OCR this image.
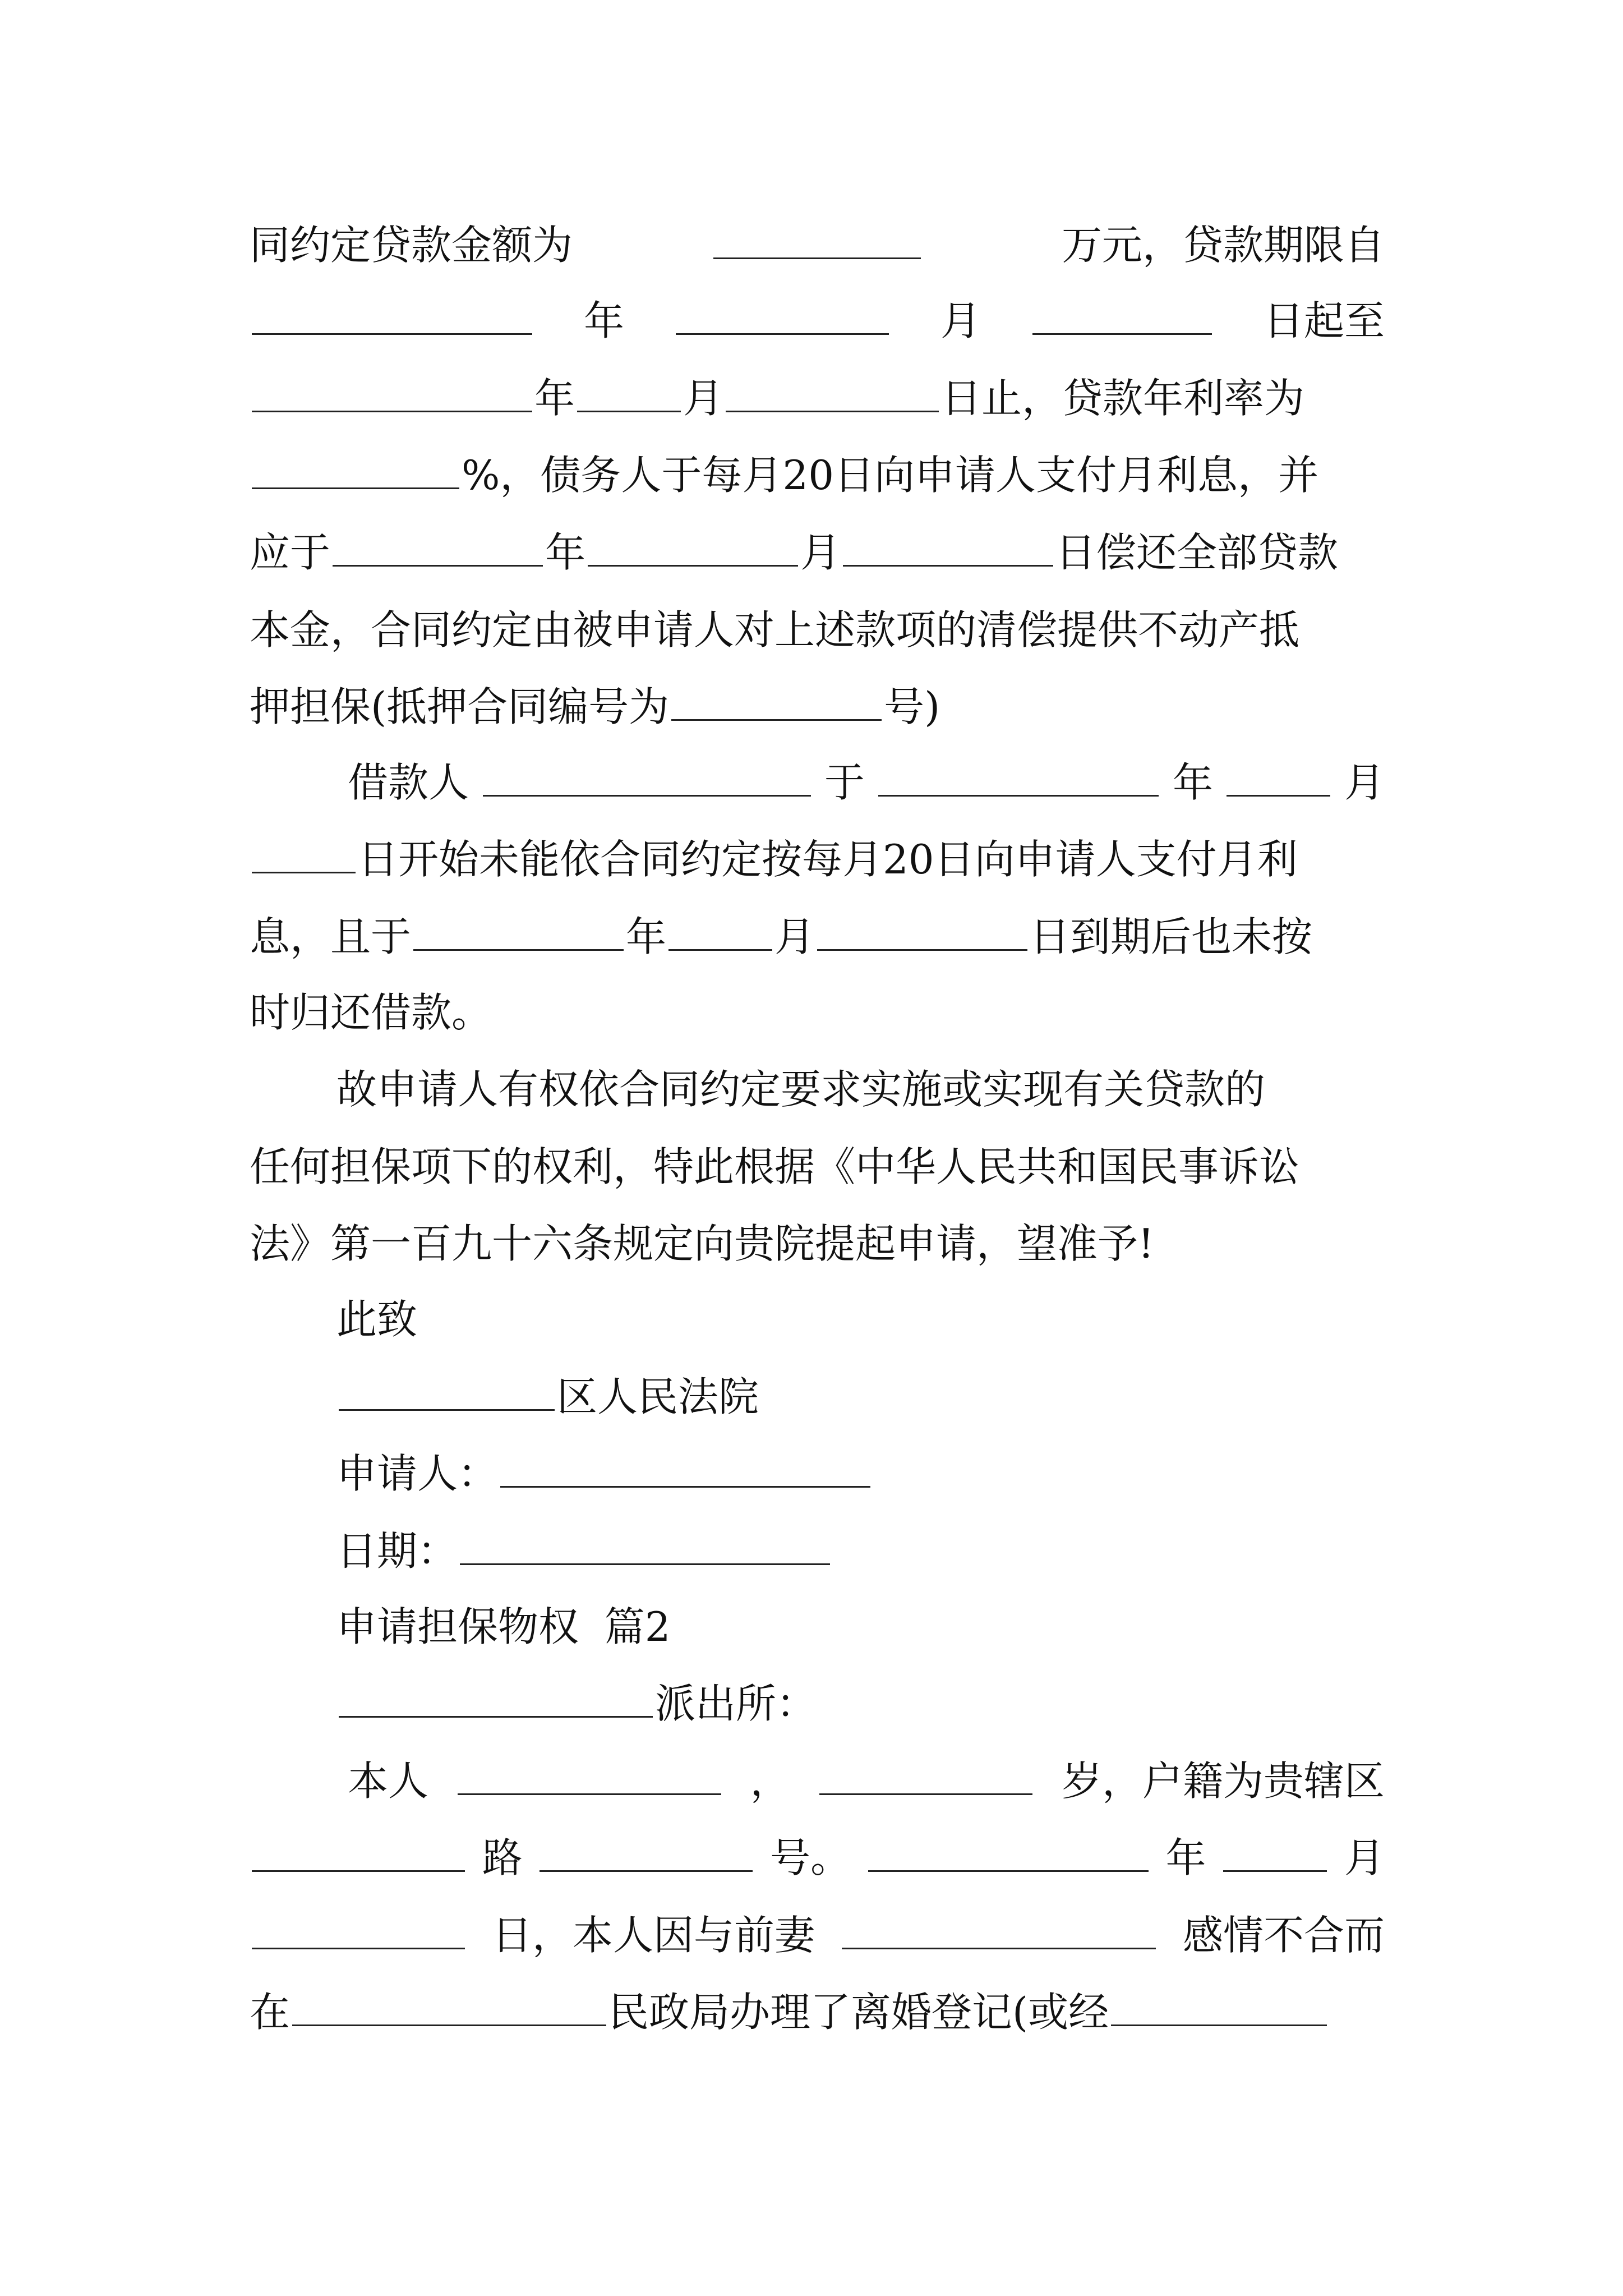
同约定贷款金额为	万元，贷款期限自
年	月	日起至
年	月	日止，贷款年利率为
%，债务人于每月20日向申请人支付月利息，并
应于	年	月	日偿还全部贷款
本金，合同约定由被申请人对上述款项的清偿提供不动产抵
押担保(抵押合同编号为	号)
借款人	于	年	月
日开始未能依合同约定按每月20日向申请人支付月利
息，且于	年	月	日到期后也未按
时归还借款。
故申请人有权依合同约定要求实施或实现有关贷款的
任何担保项下的权利，特此根据《中华人民共和国民事诉讼
法》第一百九十六条规定向贵院提起申请，望准予!
此致
区人民法院
申请人：
日期：
申请担保物权  篇2
派出所：
本人	，	岁，户籍为贵辖区
路	号。	年	月
日，本人因与前妻	感情不合而
在	民政局办理了离婚登记(或经
